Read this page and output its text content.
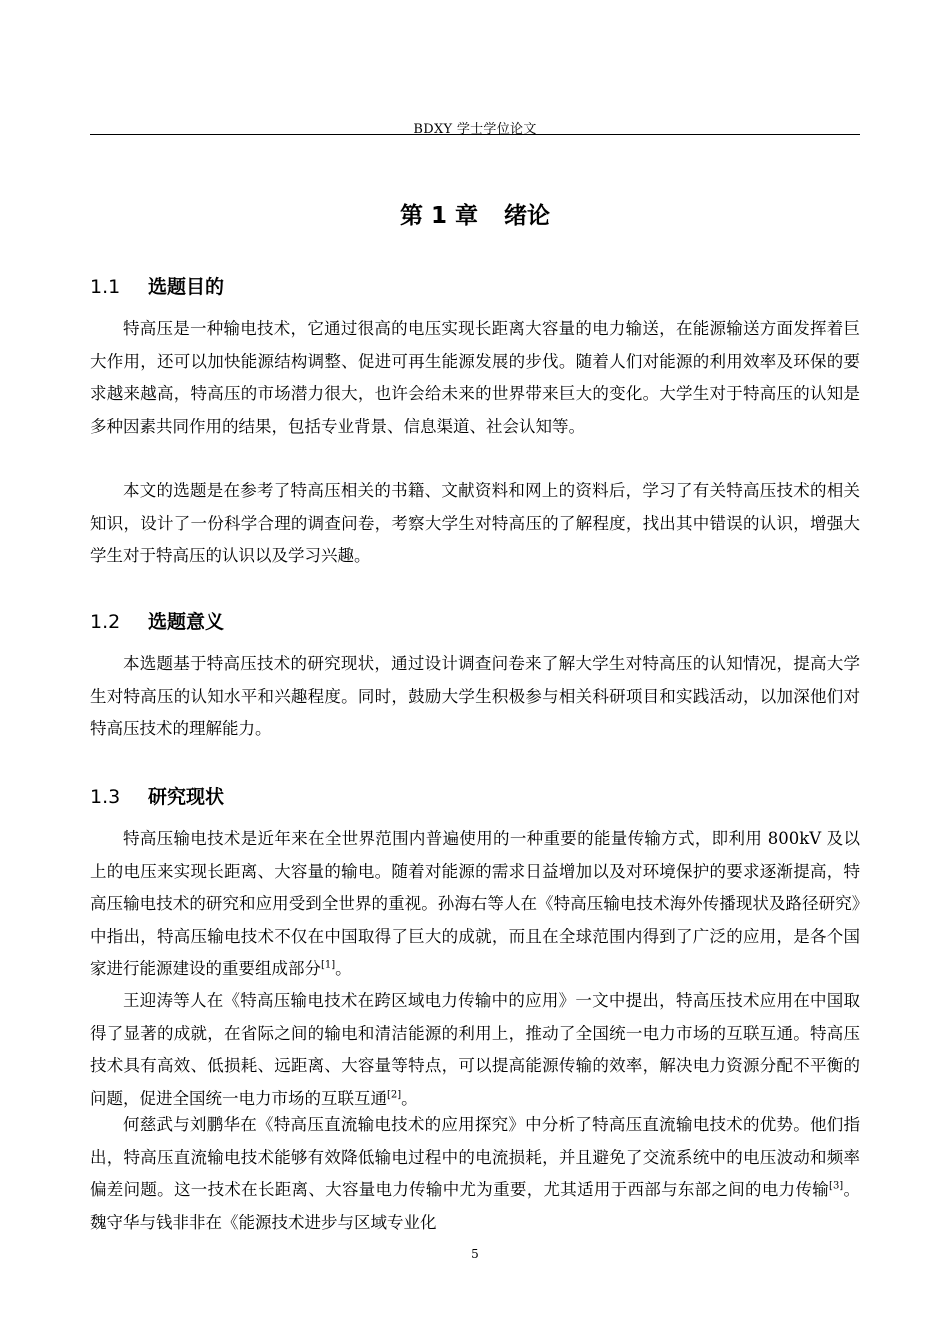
BDXY 学士学位论文
第 1 章 绪论
1.1 选题目的

特高压是一种输电技术，它通过很高的电压实现长距离大容量的电力输送，在能源输送方面发挥着巨大作用，还可以加快能源结构调整、促进可再生能源发展的步伐。随着人们对能源的利用效率及环保的要求越来越高，特高压的市场潜力很大，也许会给未来的世界带来巨大的变化。大学生对于特高压的认知是多种因素共同作用的结果，包括专业背景、信息渠道、社会认知等。

本文的选题是在参考了特高压相关的书籍、文献资料和网上的资料后，学习了有关特高压技术的相关知识，设计了一份科学合理的调查问卷，考察大学生对特高压的了解程度，找出其中错误的认识，增强大学生对于特高压的认识以及学习兴趣。

1.2 选题意义

本选题基于特高压技术的研究现状，通过设计调查问卷来了解大学生对特高压的认知情况，提高大学生对特高压的认知水平和兴趣程度。同时，鼓励大学生积极参与相关科研项目和实践活动，以加深他们对特高压技术的理解能力。

1.3 研究现状

特高压输电技术是近年来在全世界范围内普遍使用的一种重要的能量传输方式，即利用 800kV 及以上的电压来实现长距离、大容量的输电。随着对能源的需求日益增加以及对环境保护的要求逐渐提高，特高压输电技术的研究和应用受到全世界的重视。孙海右等人在《特高压输电技术海外传播现状及路径研究》中指出，特高压输电技术不仅在中国取得了巨大的成就，而且在全球范围内得到了广泛的应用，是各个国家进行能源建设的重要组成部分[1]。

王迎涛等人在《特高压输电技术在跨区域电力传输中的应用》一文中提出，特高压技术应用在中国取得了显著的成就，在省际之间的输电和清洁能源的利用上，推动了全国统一电力市场的互联互通。特高压技术具有高效、低损耗、远距离、大容量等特点，可以提高能源传输的效率，解决电力资源分配不平衡的问题，促进全国统一电力市场的互联互通[2]。

何慈武与刘鹏华在《特高压直流输电技术的应用探究》中分析了特高压直流输电技术的优势。他们指出，特高压直流输电技术能够有效降低输电过程中的电流损耗，并且避免了交流系统中的电压波动和频率偏差问题。这一技术在长距离、大容量电力传输中尤为重要，尤其适用于西部与东部之间的电力传输[3]。魏守华与钱非非在《能源技术进步与区域专业化

5
